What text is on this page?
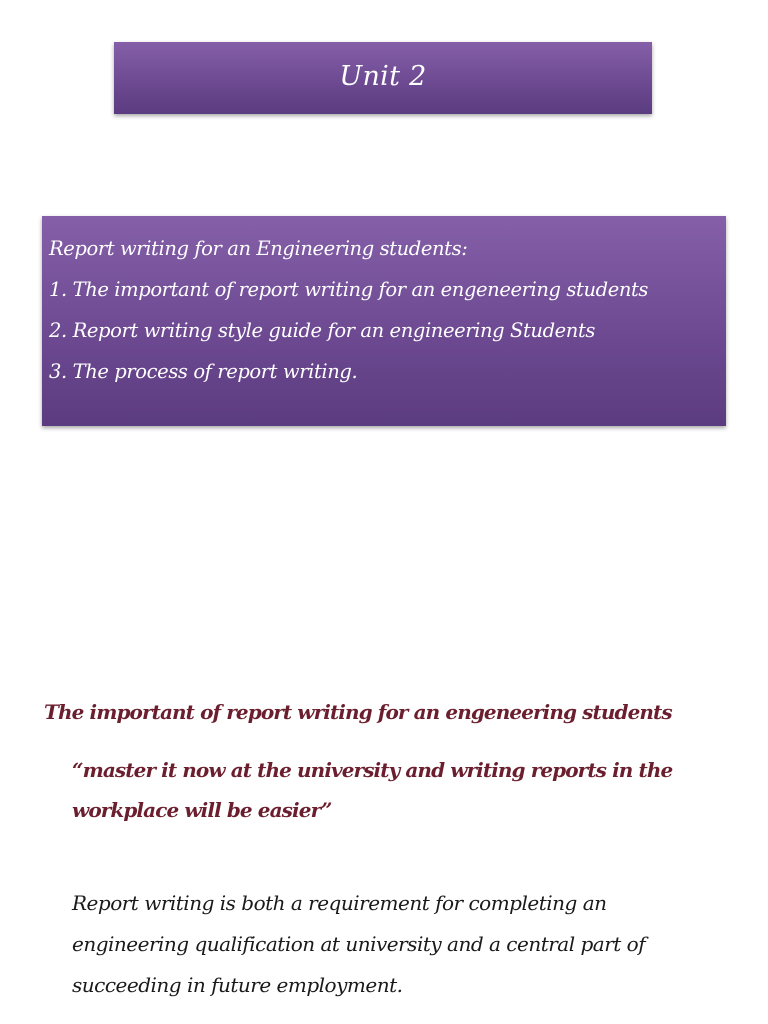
Unit 2
Report writing for an Engineering students:
1. The important of report writing for an engeneering students
2. Report writing style guide for an engineering Students
3. The process of report writing.
The important of report writing for an engeneering students
“master it now at the university and writing reports in the
workplace will be easier”
Report writing is both a requirement for completing an
engineering qualification at university and a central part of
succeeding in future employment.
